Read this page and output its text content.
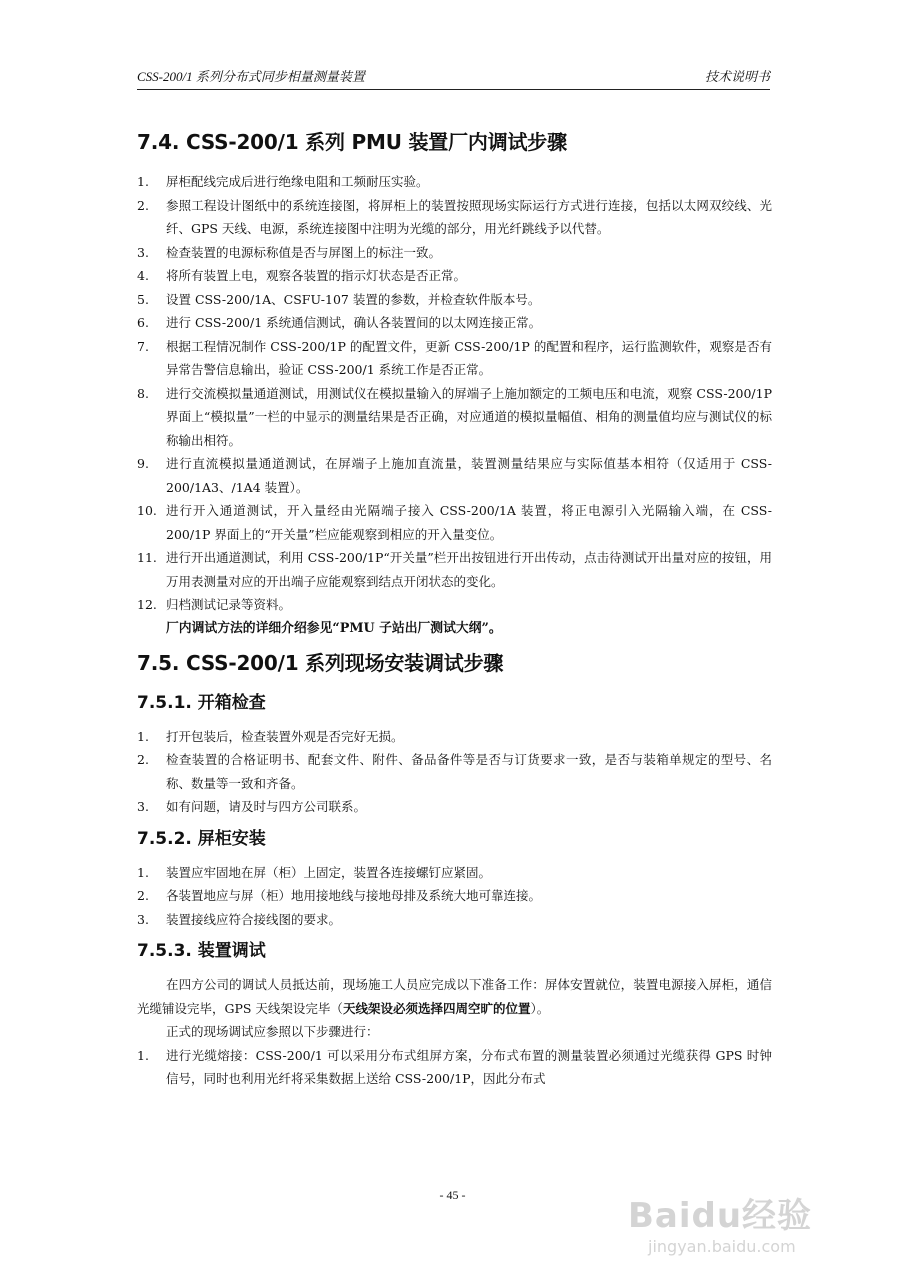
CSS-200/1 系列分布式同步相量测量装置	技术说明书
7.4. CSS-200/1 系列 PMU 装置厂内调试步骤
1. 屏柜配线完成后进行绝缘电阻和工频耐压实验。
2. 参照工程设计图纸中的系统连接图，将屏柜上的装置按照现场实际运行方式进行连接，包括以太网双绞线、光纤、GPS 天线、电源，系统连接图中注明为光缆的部分，用光纤跳线予以代替。
3. 检查装置的电源标称值是否与屏图上的标注一致。
4. 将所有装置上电，观察各装置的指示灯状态是否正常。
5. 设置 CSS-200/1A、CSFU-107 装置的参数，并检查软件版本号。
6. 进行 CSS-200/1 系统通信测试，确认各装置间的以太网连接正常。
7. 根据工程情况制作 CSS-200/1P 的配置文件，更新 CSS-200/1P 的配置和程序，运行监测软件，观察是否有异常告警信息输出，验证 CSS-200/1 系统工作是否正常。
8. 进行交流模拟量通道测试，用测试仪在模拟量输入的屏端子上施加额定的工频电压和电流，观察 CSS-200/1P 界面上“模拟量”一栏的中显示的测量结果是否正确，对应通道的模拟量幅值、相角的测量值均应与测试仪的标称输出相符。
9. 进行直流模拟量通道测试，在屏端子上施加直流量，装置测量结果应与实际值基本相符（仅适用于 CSS-200/1A3、/1A4 装置）。
10. 进行开入通道测试，开入量经由光隔端子接入 CSS-200/1A 装置，将正电源引入光隔输入端，在 CSS-200/1P 界面上的“开关量”栏应能观察到相应的开入量变位。
11. 进行开出通道测试，利用 CSS-200/1P“开关量”栏开出按钮进行开出传动，点击待测试开出量对应的按钮，用万用表测量对应的开出端子应能观察到结点开闭状态的变化。
12. 归档测试记录等资料。
厂内调试方法的详细介绍参见“PMU 子站出厂测试大纲”。
7.5. CSS-200/1 系列现场安装调试步骤
7.5.1. 开箱检查
1. 打开包装后，检查装置外观是否完好无损。
2. 检查装置的合格证明书、配套文件、附件、备品备件等是否与订货要求一致，是否与装箱单规定的型号、名称、数量等一致和齐备。
3. 如有问题，请及时与四方公司联系。
7.5.2. 屏柜安装
1. 装置应牢固地在屏（柜）上固定，装置各连接螺钉应紧固。
2. 各装置地应与屏（柜）地用接地线与接地母排及系统大地可靠连接。
3. 装置接线应符合接线图的要求。
7.5.3. 装置调试

在四方公司的调试人员抵达前，现场施工人员应完成以下准备工作：屏体安置就位，装置电源接入屏柜，通信光缆铺设完毕，GPS 天线架设完毕（天线架设必须选择四周空旷的位置）。

正式的现场调试应参照以下步骤进行：

1. 进行光缆熔接：CSS-200/1 可以采用分布式组屏方案，分布式布置的测量装置必须通过光缆获得 GPS 时钟信号，同时也利用光纤将采集数据上送给 CSS-200/1P，因此分布式
- 45 -
Baidu经验
jingyan.baidu.com
